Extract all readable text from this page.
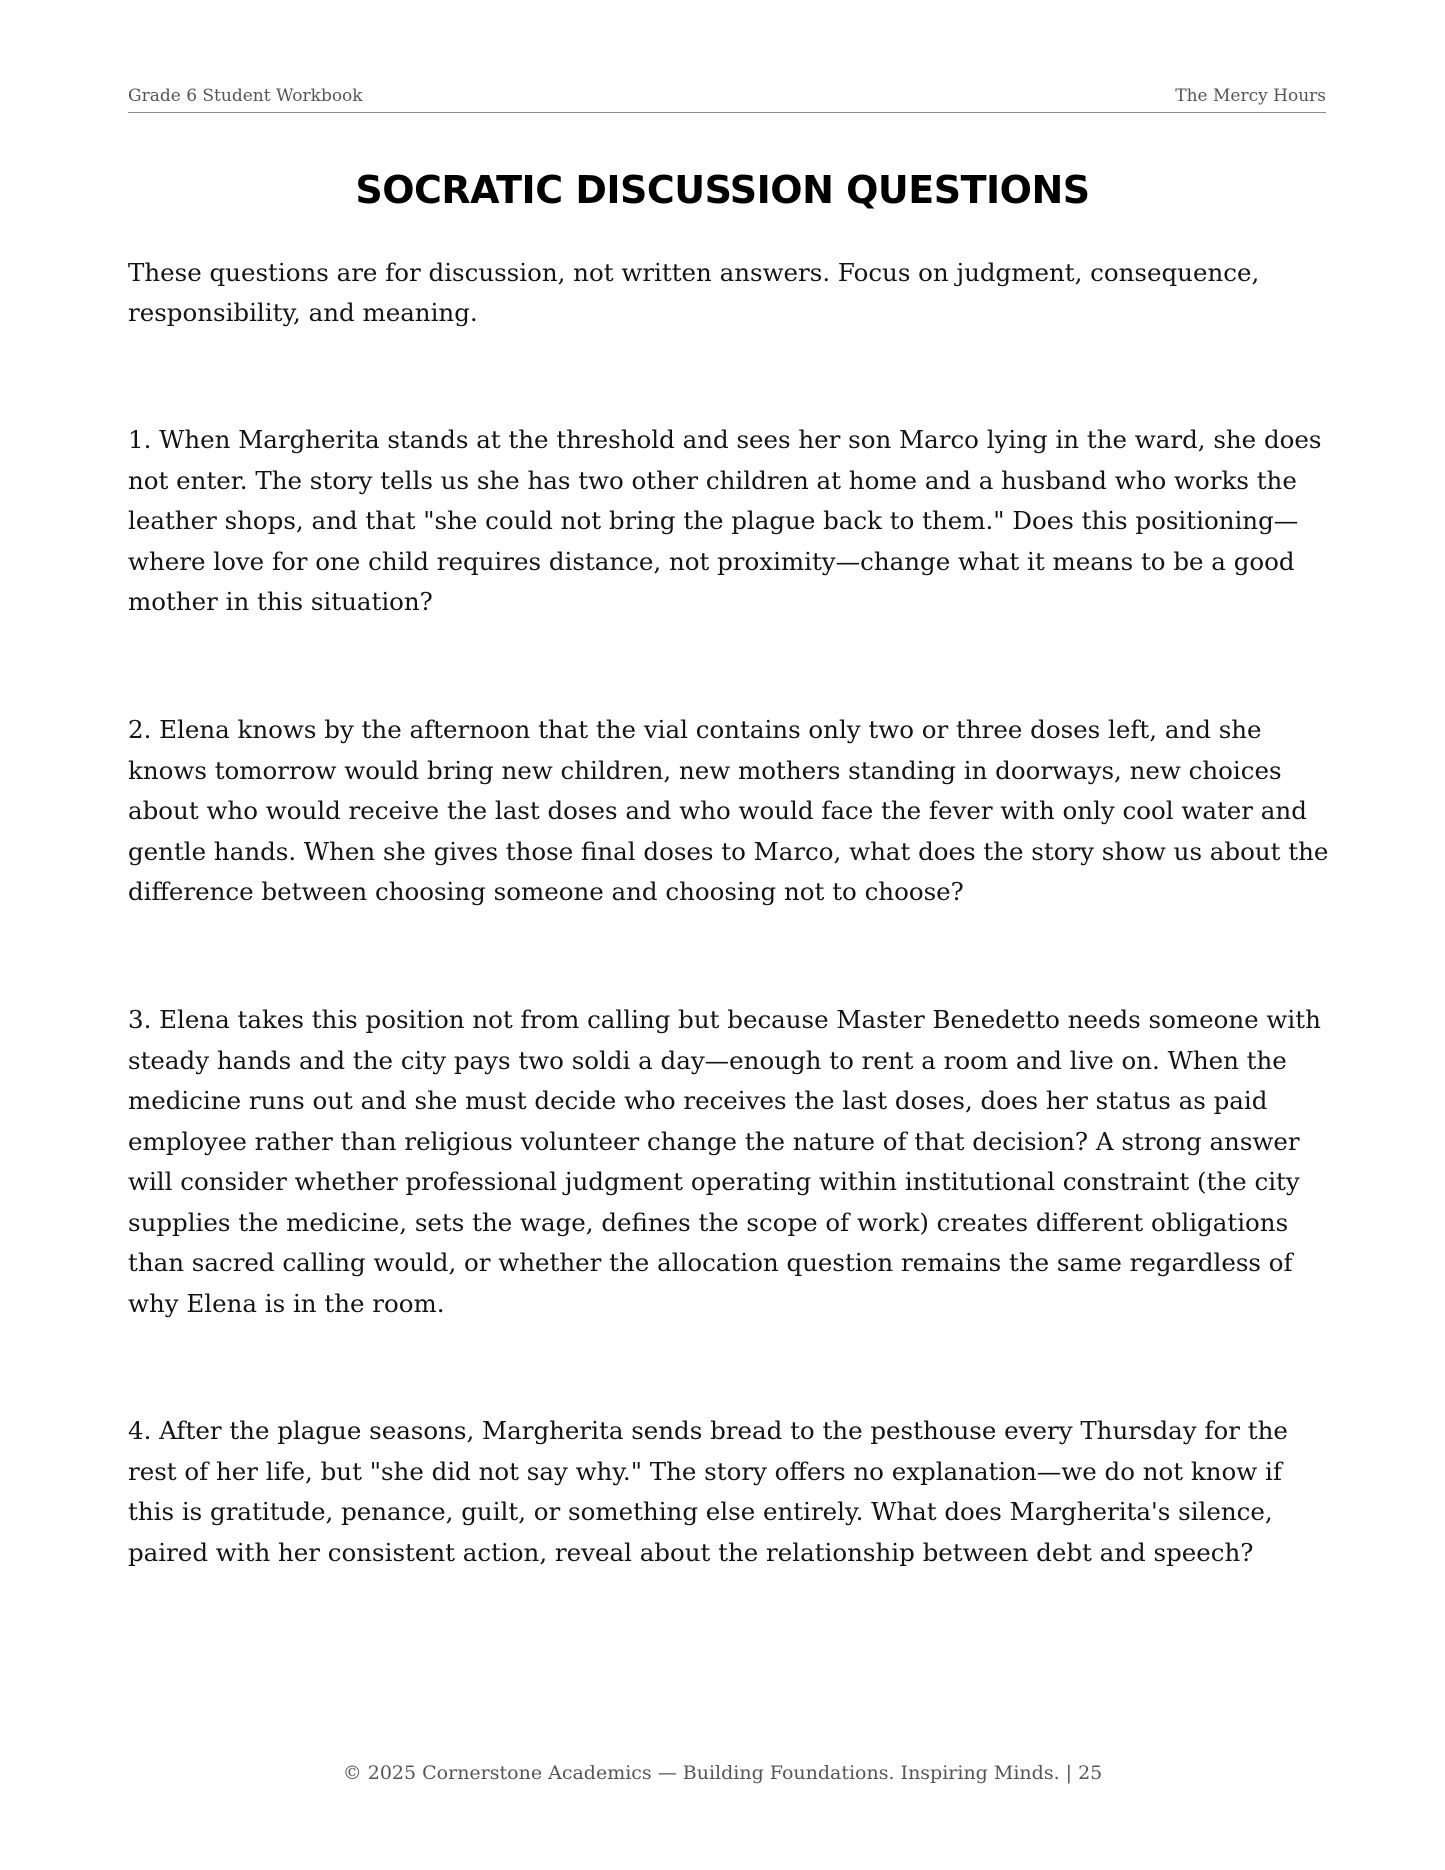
Grade 6 Student Workbook	The Mercy Hours
SOCRATIC DISCUSSION QUESTIONS

These questions are for discussion, not written answers. Focus on judgment, consequence, responsibility, and meaning.

1. When Margherita stands at the threshold and sees her son Marco lying in the ward, she does not enter. The story tells us she has two other children at home and a husband who works the leather shops, and that "she could not bring the plague back to them." Does this positioning—where love for one child requires distance, not proximity—change what it means to be a good mother in this situation?

2. Elena knows by the afternoon that the vial contains only two or three doses left, and she knows tomorrow would bring new children, new mothers standing in doorways, new choices about who would receive the last doses and who would face the fever with only cool water and gentle hands. When she gives those final doses to Marco, what does the story show us about the difference between choosing someone and choosing not to choose?

3. Elena takes this position not from calling but because Master Benedetto needs someone with steady hands and the city pays two soldi a day—enough to rent a room and live on. When the medicine runs out and she must decide who receives the last doses, does her status as paid employee rather than religious volunteer change the nature of that decision? A strong answer will consider whether professional judgment operating within institutional constraint (the city supplies the medicine, sets the wage, defines the scope of work) creates different obligations than sacred calling would, or whether the allocation question remains the same regardless of why Elena is in the room.

4. After the plague seasons, Margherita sends bread to the pesthouse every Thursday for the rest of her life, but "she did not say why." The story offers no explanation—we do not know if this is gratitude, penance, guilt, or something else entirely. What does Margherita's silence, paired with her consistent action, reveal about the relationship between debt and speech?

© 2025 Cornerstone Academics — Building Foundations. Inspiring Minds. | 25
